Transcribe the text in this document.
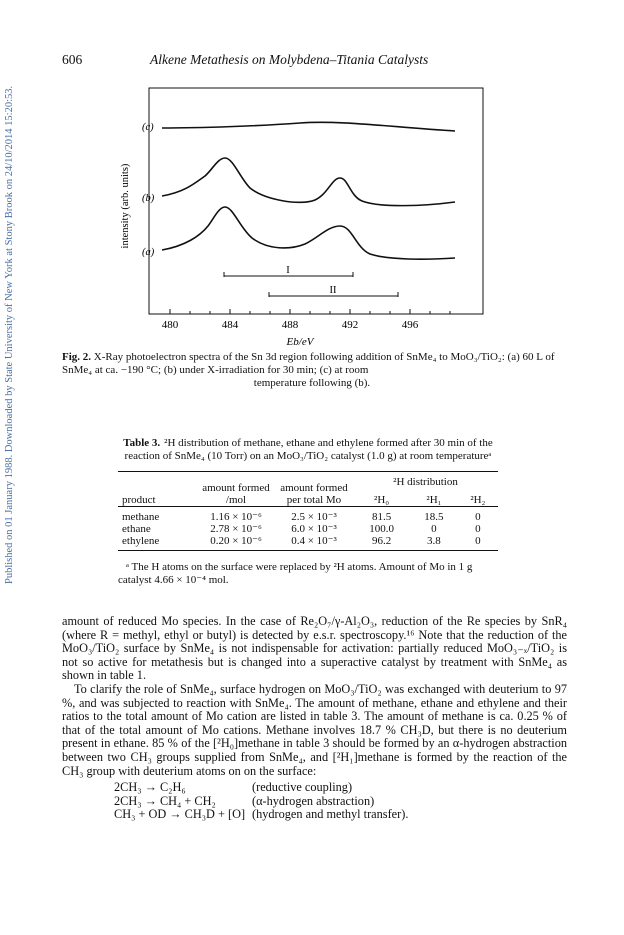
Published on 01 January 1988. Downloaded by State University of New York at Stony Brook on 24/10/2014 15:20:53.
606	Alkene Metathesis on Molybdena–Titania Catalysts
intensity (arb. units)
(c)
(b)
(a)
I
II
480	484	488	492	496
Eb/eV
Fig. 2. X-Ray photoelectron spectra of the Sn 3d region following addition of SnMe₄ to MoO₃/TiO₂: (a) 60 L of SnMe₄ at ca. −190 °C; (b) under X-irradiation for 30 min; (c) at room
temperature following (b).
Table 3. ²H distribution of methane, ethane and ethylene formed after 30 min of the reaction of SnMe₄ (10 Torr) on an MoO₃/TiO₂ catalyst (1.0 g) at room temperatureᵃ
product	amount formed /mol	amount formed per total Mo	²H distribution		
			²H₀	²H₁	²H₂

methane	1.16 × 10⁻⁶	2.5 × 10⁻³	81.5	18.5	0
ethane	2.78 × 10⁻⁶	6.0 × 10⁻³	100.0	0	0
ethylene	0.20 × 10⁻⁶	0.4 × 10⁻³	96.2	3.8	0
ᵃ The H atoms on the surface were replaced by ²H atoms. Amount of Mo in 1 g catalyst 4.66 × 10⁻⁴ mol.

amount of reduced Mo species. In the case of Re₂O₇/γ-Al₂O₃, reduction of the Re species by SnR₄ (where R = methyl, ethyl or butyl) is detected by e.s.r. spectroscopy.¹⁶ Note that the reduction of the MoO₃/TiO₂ surface by SnMe₄ is not indispensable for activation: partially reduced MoO₃₋ₓ/TiO₂ is not so active for metathesis but is changed into a superactive catalyst by treatment with SnMe₄ as shown in table 1.

To clarify the role of SnMe₄, surface hydrogen on MoO₃/TiO₂ was exchanged with deuterium to 97 %, and was subjected to reaction with SnMe₄. The amount of methane, ethane and ethylene and their ratios to the total amount of Mo cation are listed in table 3. The amount of methane is ca. 0.25 % of that of the total amount of Mo cations. Methane involves 18.7 % CH₃D, but there is no deuterium present in ethane. 85 % of the [²H₀]methane in table 3 should be formed by an α-hydrogen abstraction between two CH₃ groups supplied from SnMe₄, and [²H₁]methane is formed by the reaction of the CH₃ group with deuterium atoms on on the surface:

2CH₃ → C₂H₆	(reductive coupling)
2CH₃ → CH₄ + CH₂	(α-hydrogen abstraction)
CH₃ + OD → CH₃D + [O] (hydrogen and methyl transfer).
